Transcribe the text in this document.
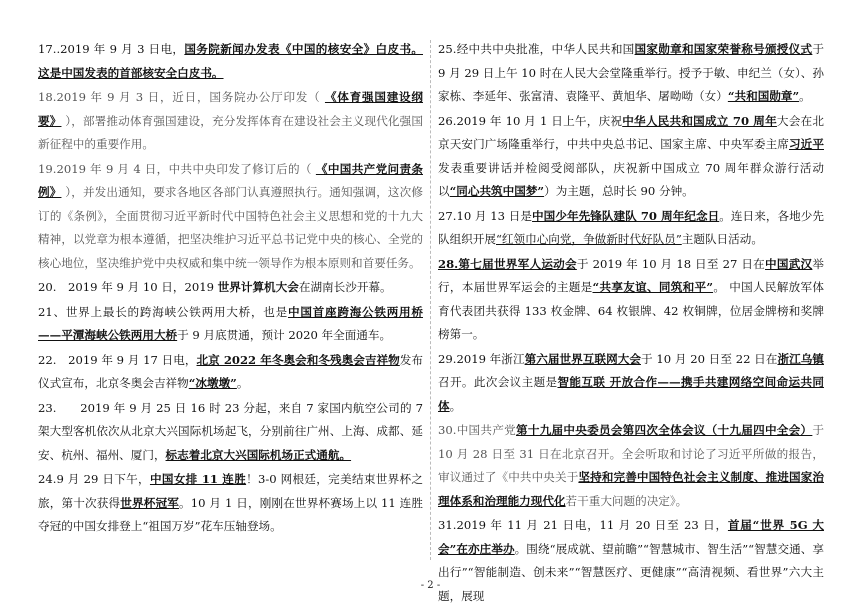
17..2019 年 9 月 3 日电，国务院新闻办发表《中国的核安全》白皮书。这是中国发表的首部核安全白皮书。

18.2019 年 9 月 3 日，近日，国务院办公厅印发（ 《体育强国建设纲要》 ），部署推动体育强国建设，充分发挥体育在建设社会主义现代化强国新征程中的重要作用。

19.2019 年 9 月 4 日，中共中央印发了修订后的（ 《中国共产党问责条例》 ），并发出通知，要求各地区各部门认真遵照执行。通知强调，这次修订的《条例》，全面贯彻习近平新时代中国特色社会主义思想和党的十九大精神，以党章为根本遵循，把坚决维护习近平总书记党中央的核心、全党的核心地位，坚决维护党中央权威和集中统一领导作为根本原则和首要任务。

20.　2019 年 9 月 10 日，2019 世界计算机大会在湖南长沙开幕。

21、世界上最长的跨海峡公铁两用大桥，也是中国首座跨海公铁两用桥——平潭海峡公铁两用大桥于 9 月底贯通，预计 2020 年全面通车。

22.　2019 年 9 月 17 日电，北京 2022 年冬奥会和冬残奥会吉祥物发布仪式宣布，北京冬奥会吉祥物“冰墩墩”。

23.　　2019 年 9 月 25 日 16 时 23 分起，来自 7 家国内航空公司的 7 架大型客机依次从北京大兴国际机场起飞，分别前往广州、上海、成都、延安、杭州、福州、厦门，标志着北京大兴国际机场正式通航。

24.9 月 29 日下午，中国女排 11 连胜！3-0 网根廷，完美结束世界杯之旅，第十次获得世界杯冠军。10 月 1 日，刚刚在世界杯赛场上以 11 连胜夺冠的中国女排登上“祖国万岁”花车压轴登场。

25.经中共中央批准，中华人民共和国国家勋章和国家荣誉称号颁授仪式于 9 月 29 日上午 10 时在人民大会堂隆重举行。授予于敏、申纪兰（女）、孙家栋、李延年、张富清、袁隆平、黄旭华、屠呦呦（女）“共和国勋章”。

26.2019 年 10 月 1 日上午，庆祝中华人民共和国成立 70 周年大会在北京天安门广场隆重举行，中共中央总书记、国家主席、中央军委主席习近平发表重要讲话并检阅受阅部队，庆祝新中国成立 70 周年群众游行活动以“同心共筑中国梦”）为主题，总时长 90 分钟。

27.10 月 13 日是中国少年先锋队建队 70 周年纪念日。连日来，各地少先队组织开展“红领巾心向党，争做新时代好队员”主题队日活动。

28.第七届世界军人运动会于 2019 年 10 月 18 日至 27 日在中国武汉举行，本届世界军运会的主题是“共享友谊、同筑和平”。 中国人民解放军体育代表团共获得 133 枚金牌、64 枚银牌、42 枚铜牌，位居金牌榜和奖牌榜第一。

29.2019 年浙江第六届世界互联网大会于 10 月 20 日至 22 日在浙江乌镇召开。此次会议主题是智能互联 开放合作——携手共建网络空间命运共同体。

30.中国共产党第十九届中央委员会第四次全体会议（十九届四中全会）于 10 月 28 日至 31 日在北京召开。全会听取和讨论了习近平所做的报告，审议通过了《中共中央关于坚持和完善中国特色社会主义制度、推进国家治理体系和治理能力现代化若干重大问题的决定》。

31.2019 年 11 月 21 日电，11 月 20 日至 23 日，首届“世界 5G 大会”在亦庄举办。围绕“展成就、望前瞻”“智慧城市、智生活”“智慧交通、享出行”“智能制造、创未来”“智慧医疗、更健康”“高清视频、看世界”六大主题，展现

- 2 -
